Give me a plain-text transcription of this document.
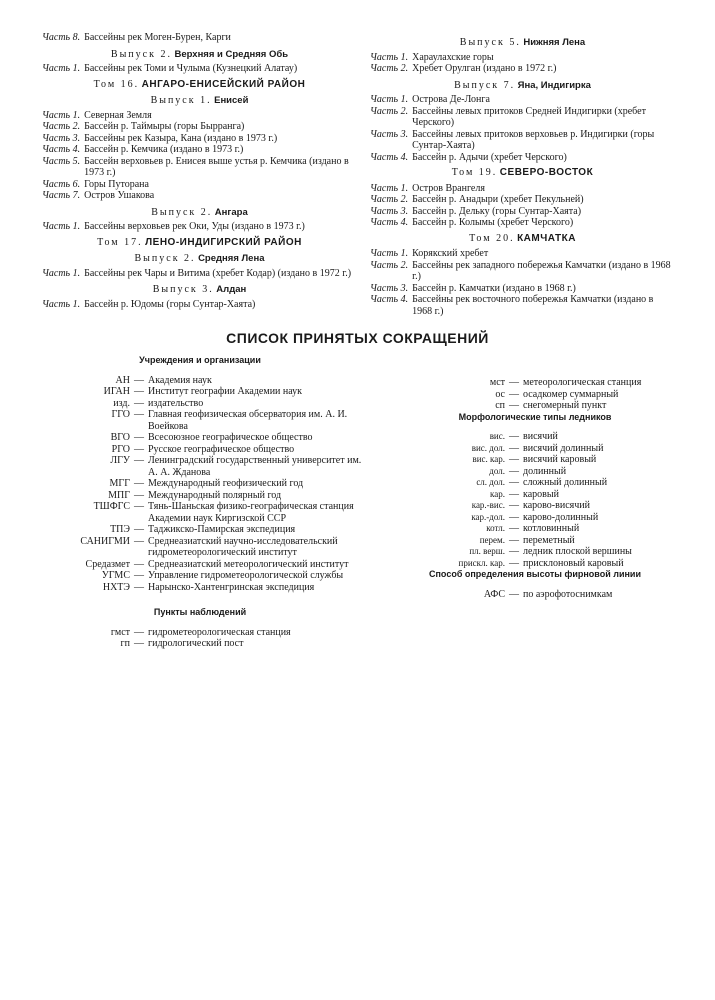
Часть 8. Бассейны рек Моген-Бурен, Карги
Выпуск 2. Верхняя и Средняя Обь
Часть 1. Бассейны рек Томи и Чулыма (Кузнецкий Алатау)
Том 16. АНГАРО-ЕНИСЕЙСКИЙ РАЙОН
Выпуск 1. Енисей
Часть 1. Северная Земля
Часть 2. Бассейн р. Таймыры (горы Бырранга)
Часть 3. Бассейны рек Казыра, Кана (издано в 1973 г.)
Часть 4. Бассейн р. Кемчика (издано в 1973 г.)
Часть 5. Бассейн верховьев р. Енисея выше устья р. Кемчика (издано в 1973 г.)
Часть 6. Горы Путорана
Часть 7. Остров Ушакова
Выпуск 2. Ангара
Часть 1. Бассейны верховьев рек Оки, Уды (издано в 1973 г.)
Том 17. ЛЕНО-ИНДИГИРСКИЙ РАЙОН
Выпуск 2. Средняя Лена
Часть 1. Бассейны рек Чары и Витима (хребет Кодар) (издано в 1972 г.)
Выпуск 3. Алдан
Часть 1. Бассейн р. Юдомы (горы Сунтар-Хаята)
Выпуск 5. Нижняя Лена
Часть 1. Хараулахские горы
Часть 2. Хребет Орулган (издано в 1972 г.)
Выпуск 7. Яна, Индигирка
Часть 1. Острова Де-Лонга
Часть 2. Бассейны левых притоков Средней Индигирки (хребет Черского)
Часть 3. Бассейны левых притоков верховьев р. Индигирки (горы Сунтар-Хаята)
Часть 4. Бассейн р. Адычи (хребет Черского)
Том 19. СЕВЕРО-ВОСТОК
Часть 1. Остров Врангеля
Часть 2. Бассейн р. Анадыри (хребет Пекульней)
Часть 3. Бассейн р. Дельку (горы Сунтар-Хаята)
Часть 4. Бассейн р. Колымы (хребет Черского)
Том 20. КАМЧАТКА
Часть 1. Корякский хребет
Часть 2. Бассейны рек западного побережья Камчатки (издано в 1968 г.)
Часть 3. Бассейн р. Камчатки (издано в 1968 г.)
Часть 4. Бассейны рек восточного побережья Камчатки (издано в 1968 г.)
СПИСОК ПРИНЯТЫХ СОКРАЩЕНИЙ
Учреждения и организации
АН — Академия наук
ИГАН — Институт географии Академии наук
изд. — издательство
ГГО — Главная геофизическая обсерватория им. А. И. Воейкова
ВГО — Всесоюзное географическое общество
РГО — Русское географическое общество
ЛГУ — Ленинградский государственный университет им. А. А. Жданова
МГГ — Международный геофизический год
МПГ — Международный полярный год
ТШФГС — Тянь-Шаньская физико-географическая станция Академии наук Киргизской ССР
ТПЭ — Таджикско-Памирская экспедиция
САНИГМИ — Среднеазиатский научно-исследовательский гидрометеорологический институт
Средазмет — Среднеазиатский метеорологический институт
УГМС — Управление гидрометеорологической службы
НХТЭ — Нарынско-Хантенгринская экспедиция
Пункты наблюдений
гмст — гидрометеорологическая станция
гп — гидрологический пост
мст — метеорологическая станция
ос — осадкомер суммарный
сп — снегомерный пункт
Морфологические типы ледников
вис. — висячий
вис. дол. — висячий долинный
вис. кар. — висячий каровый
дол. — долинный
сл. дол. — сложный долинный
кар. — каровый
кар.-вис. — карово-висячий
кар.-дол. — карово-долинный
котл. — котловинный
перем. — переметный
пл. верш. — ледник плоской вершины
прискл. кар. — присклоновый каровый
Способ определения высоты фирновой линии
АФС — по аэрофотоснимкам
